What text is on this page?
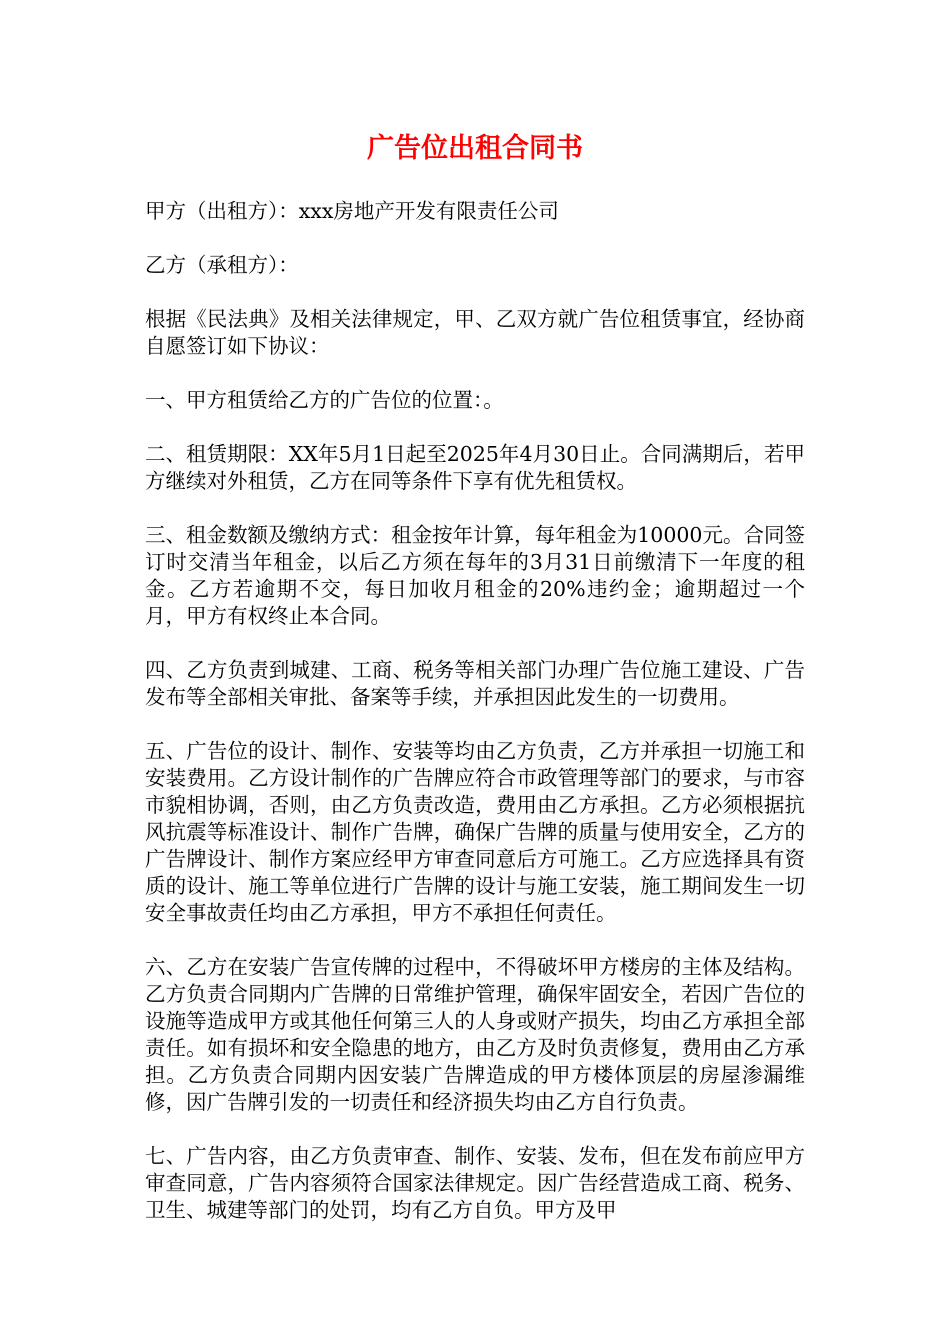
广告位出租合同书

甲方（出租方）：xxx房地产开发有限责任公司

乙方（承租方）：

根据《民法典》及相关法律规定，甲、乙双方就广告位租赁事宜，经协商自愿签订如下协议：

一、甲方租赁给乙方的广告位的位置：。

二、租赁期限：XX年5月1日起至2025年4月30日止。合同满期后，若甲方继续对外租赁，乙方在同等条件下享有优先租赁权。

三、租金数额及缴纳方式：租金按年计算，每年租金为10000元。合同签订时交清当年租金，以后乙方须在每年的3月31日前缴清下一年度的租金。乙方若逾期不交，每日加收月租金的20%违约金；逾期超过一个月，甲方有权终止本合同。

四、乙方负责到城建、工商、税务等相关部门办理广告位施工建设、广告发布等全部相关审批、备案等手续，并承担因此发生的一切费用。

五、广告位的设计、制作、安装等均由乙方负责，乙方并承担一切施工和安装费用。乙方设计制作的广告牌应符合市政管理等部门的要求，与市容市貌相协调，否则，由乙方负责改造，费用由乙方承担。乙方必须根据抗风抗震等标准设计、制作广告牌，确保广告牌的质量与使用安全，乙方的广告牌设计、制作方案应经甲方审查同意后方可施工。乙方应选择具有资质的设计、施工等单位进行广告牌的设计与施工安装，施工期间发生一切安全事故责任均由乙方承担，甲方不承担任何责任。

六、乙方在安装广告宣传牌的过程中，不得破坏甲方楼房的主体及结构。乙方负责合同期内广告牌的日常维护管理，确保牢固安全，若因广告位的设施等造成甲方或其他任何第三人的人身或财产损失，均由乙方承担全部责任。如有损坏和安全隐患的地方，由乙方及时负责修复，费用由乙方承担。乙方负责合同期内因安装广告牌造成的甲方楼体顶层的房屋渗漏维修，因广告牌引发的一切责任和经济损失均由乙方自行负责。

七、广告内容，由乙方负责审查、制作、安装、发布，但在发布前应甲方审查同意，广告内容须符合国家法律规定。因广告经营造成工商、税务、卫生、城建等部门的处罚，均有乙方自负。甲方及甲
